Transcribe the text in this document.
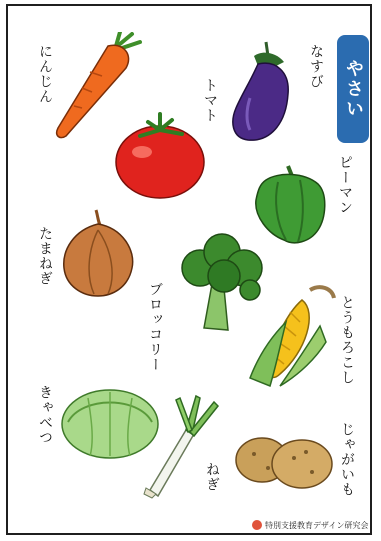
やさい
にんじん	トマト
なすび
ピーマン
たまねぎ
ブロッコリー	とうもろこし
きゃべつ
ねぎ	じゃがいも
特別支援教育デザイン研究会
